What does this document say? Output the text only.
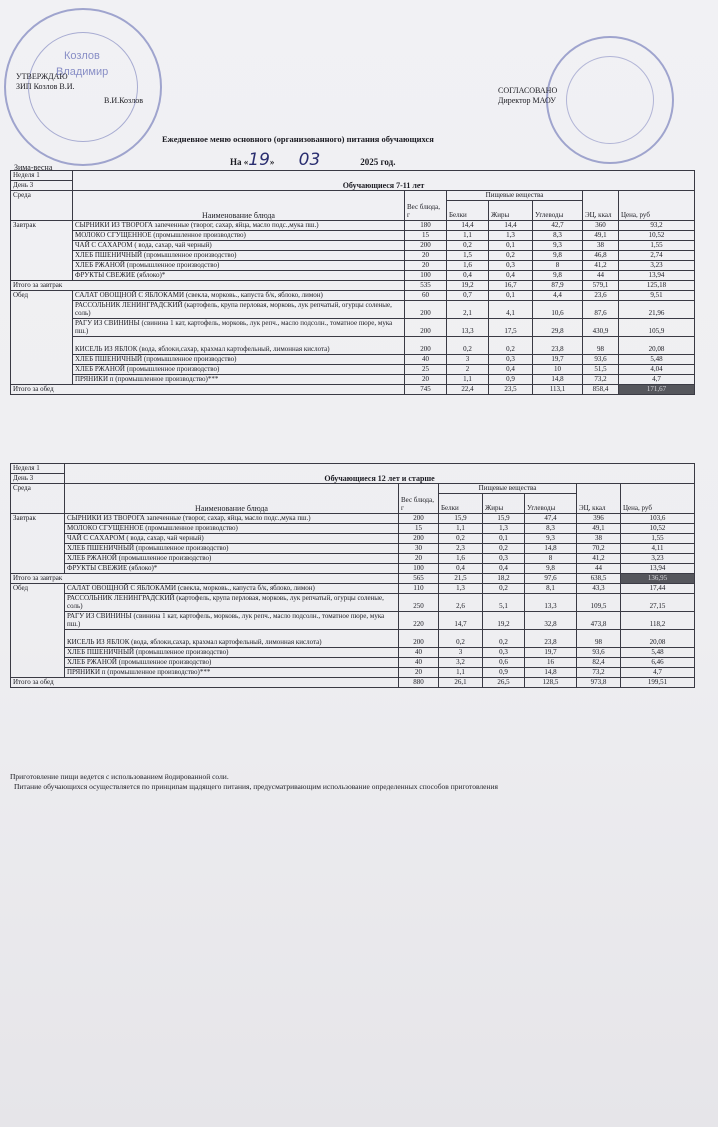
Козлов
Владимир
УТВЕРЖДАЮ
ЗИП Козлов В.И.
В.И.Козлов
СОГЛАСОВАНО
Директор МАОУ
Ежедневное меню основного (организованного) питания обучающихся
На «19» 03	2025 год.
Зима-весна
Неделя 1	Обучающиеся 7-11 лет						
День 3							
Среда	Наименование блюда	Вес блюда, г	Пищевые вещества			ЭЦ, ккал	Цена, руб
			Белки	Жиры	Углеводы		
Завтрак	СЫРНИКИ ИЗ ТВОРОГА запеченные (творог, сахар, яйца, масло подс.,мука пш.)	180	14,4	14,4	42,7	360	93,2
	МОЛОКО СГУЩЕННОЕ (промышленное производство)	15	1,1	1,3	8,3	49,1	10,52
	ЧАЙ С САХАРОМ ( вода, сахар, чай черный)	200	0,2	0,1	9,3	38	1,55
	ХЛЕБ ПШЕНИЧНЫЙ (промышленное производство)	20	1,5	0,2	9,8	46,8	2,74
	ХЛЕБ РЖАНОЙ (промышленное производство)	20	1,6	0,3	8	41,2	3,23
	ФРУКТЫ СВЕЖИЕ (яблоко)*	100	0,4	0,4	9,8	44	13,94
Итого за завтрак		535	19,2	16,7	87,9	579,1	125,18
Обед	САЛАТ ОВОЩНОЙ С ЯБЛОКАМИ (свекла, морковь., капуста б/к, яблоко, лимон)	60	0,7	0,1	4,4	23,6	9,51
	РАССОЛЬНИК ЛЕНИНГРАДСКИЙ (картофель, крупа перловая, морковь, лук репчатый, огурцы соленые, соль)	200	2,1	4,1	10,6	87,6	21,96
	РАГУ ИЗ СВИНИНЫ (свинина 1 кат, картофель, морковь, лук репч., масло подсолн., томатное пюре, мука пш.)	200	13,3	17,5	29,8	430,9	105,9
	КИСЕЛЬ ИЗ ЯБЛОК (вода, яблоки,сахар, крахмал картофельный, лимонная кислота)	200	0,2	0,2	23,8	98	20,08
	ХЛЕБ ПШЕНИЧНЫЙ (промышленное производство)	40	3	0,3	19,7	93,6	5,48
	ХЛЕБ РЖАНОЙ (промышленное производство)	25	2	0,4	10	51,5	4,04
	ПРЯНИКИ п (промышленное производство)***	20	1,1	0,9	14,8	73,2	4,7
Итого за обед		745	22,4	23,5	113,1	858,4	171,67
Неделя 1	Обучающиеся 12 лет и старше						
День 3							
Среда	Наименование блюда	Вес блюда, г	Пищевые вещества			ЭЦ, ккал	Цена, руб
			Белки	Жиры	Углеводы		
Завтрак	СЫРНИКИ ИЗ ТВОРОГА запеченные (творог, сахар, яйца, масло подс.,мука пш.)	200	15,9	15,9	47,4	396	103,6
	МОЛОКО СГУЩЕННОЕ (промышленное производство)	15	1,1	1,3	8,3	49,1	10,52
	ЧАЙ С САХАРОМ ( вода, сахар, чай черный)	200	0,2	0,1	9,3	38	1,55
	ХЛЕБ ПШЕНИЧНЫЙ (промышленное производство)	30	2,3	0,2	14,8	70,2	4,11
	ХЛЕБ РЖАНОЙ (промышленное производство)	20	1,6	0,3	8	41,2	3,23
	ФРУКТЫ СВЕЖИЕ (яблоко)*	100	0,4	0,4	9,8	44	13,94
Итого за завтрак		565	21,5	18,2	97,6	638,5	136,95
Обед	САЛАТ ОВОЩНОЙ С ЯБЛОКАМИ (свекла, морковь., капуста б/к, яблоко, лимон)	110	1,3	0,2	8,1	43,3	17,44
	РАССОЛЬНИК ЛЕНИНГРАДСКИЙ (картофель, крупа перловая, морковь, лук репчатый, огурцы соленые, соль)	250	2,6	5,1	13,3	109,5	27,15
	РАГУ ИЗ СВИНИНЫ (свинина 1 кат, картофель, морковь, лук репч., масло подсолн., томатное пюре, мука пш.)	220	14,7	19,2	32,8	473,8	118,2
	КИСЕЛЬ ИЗ ЯБЛОК (вода, яблоки,сахар, крахмал картофельный, лимонная кислота)	200	0,2	0,2	23,8	98	20,08
	ХЛЕБ ПШЕНИЧНЫЙ (промышленное производство)	40	3	0,3	19,7	93,6	5,48
	ХЛЕБ РЖАНОЙ (промышленное производство)	40	3,2	0,6	16	82,4	6,46
	ПРЯНИКИ п (промышленное производство)***	20	1,1	0,9	14,8	73,2	4,7
Итого за обед		880	26,1	26,5	128,5	973,8	199,51
Приготовление пищи ведется с использованием йодированной соли.
Питание обучающихся осуществляется по принципам щадящего питания, предусматривающим использование определенных способов приготовления
